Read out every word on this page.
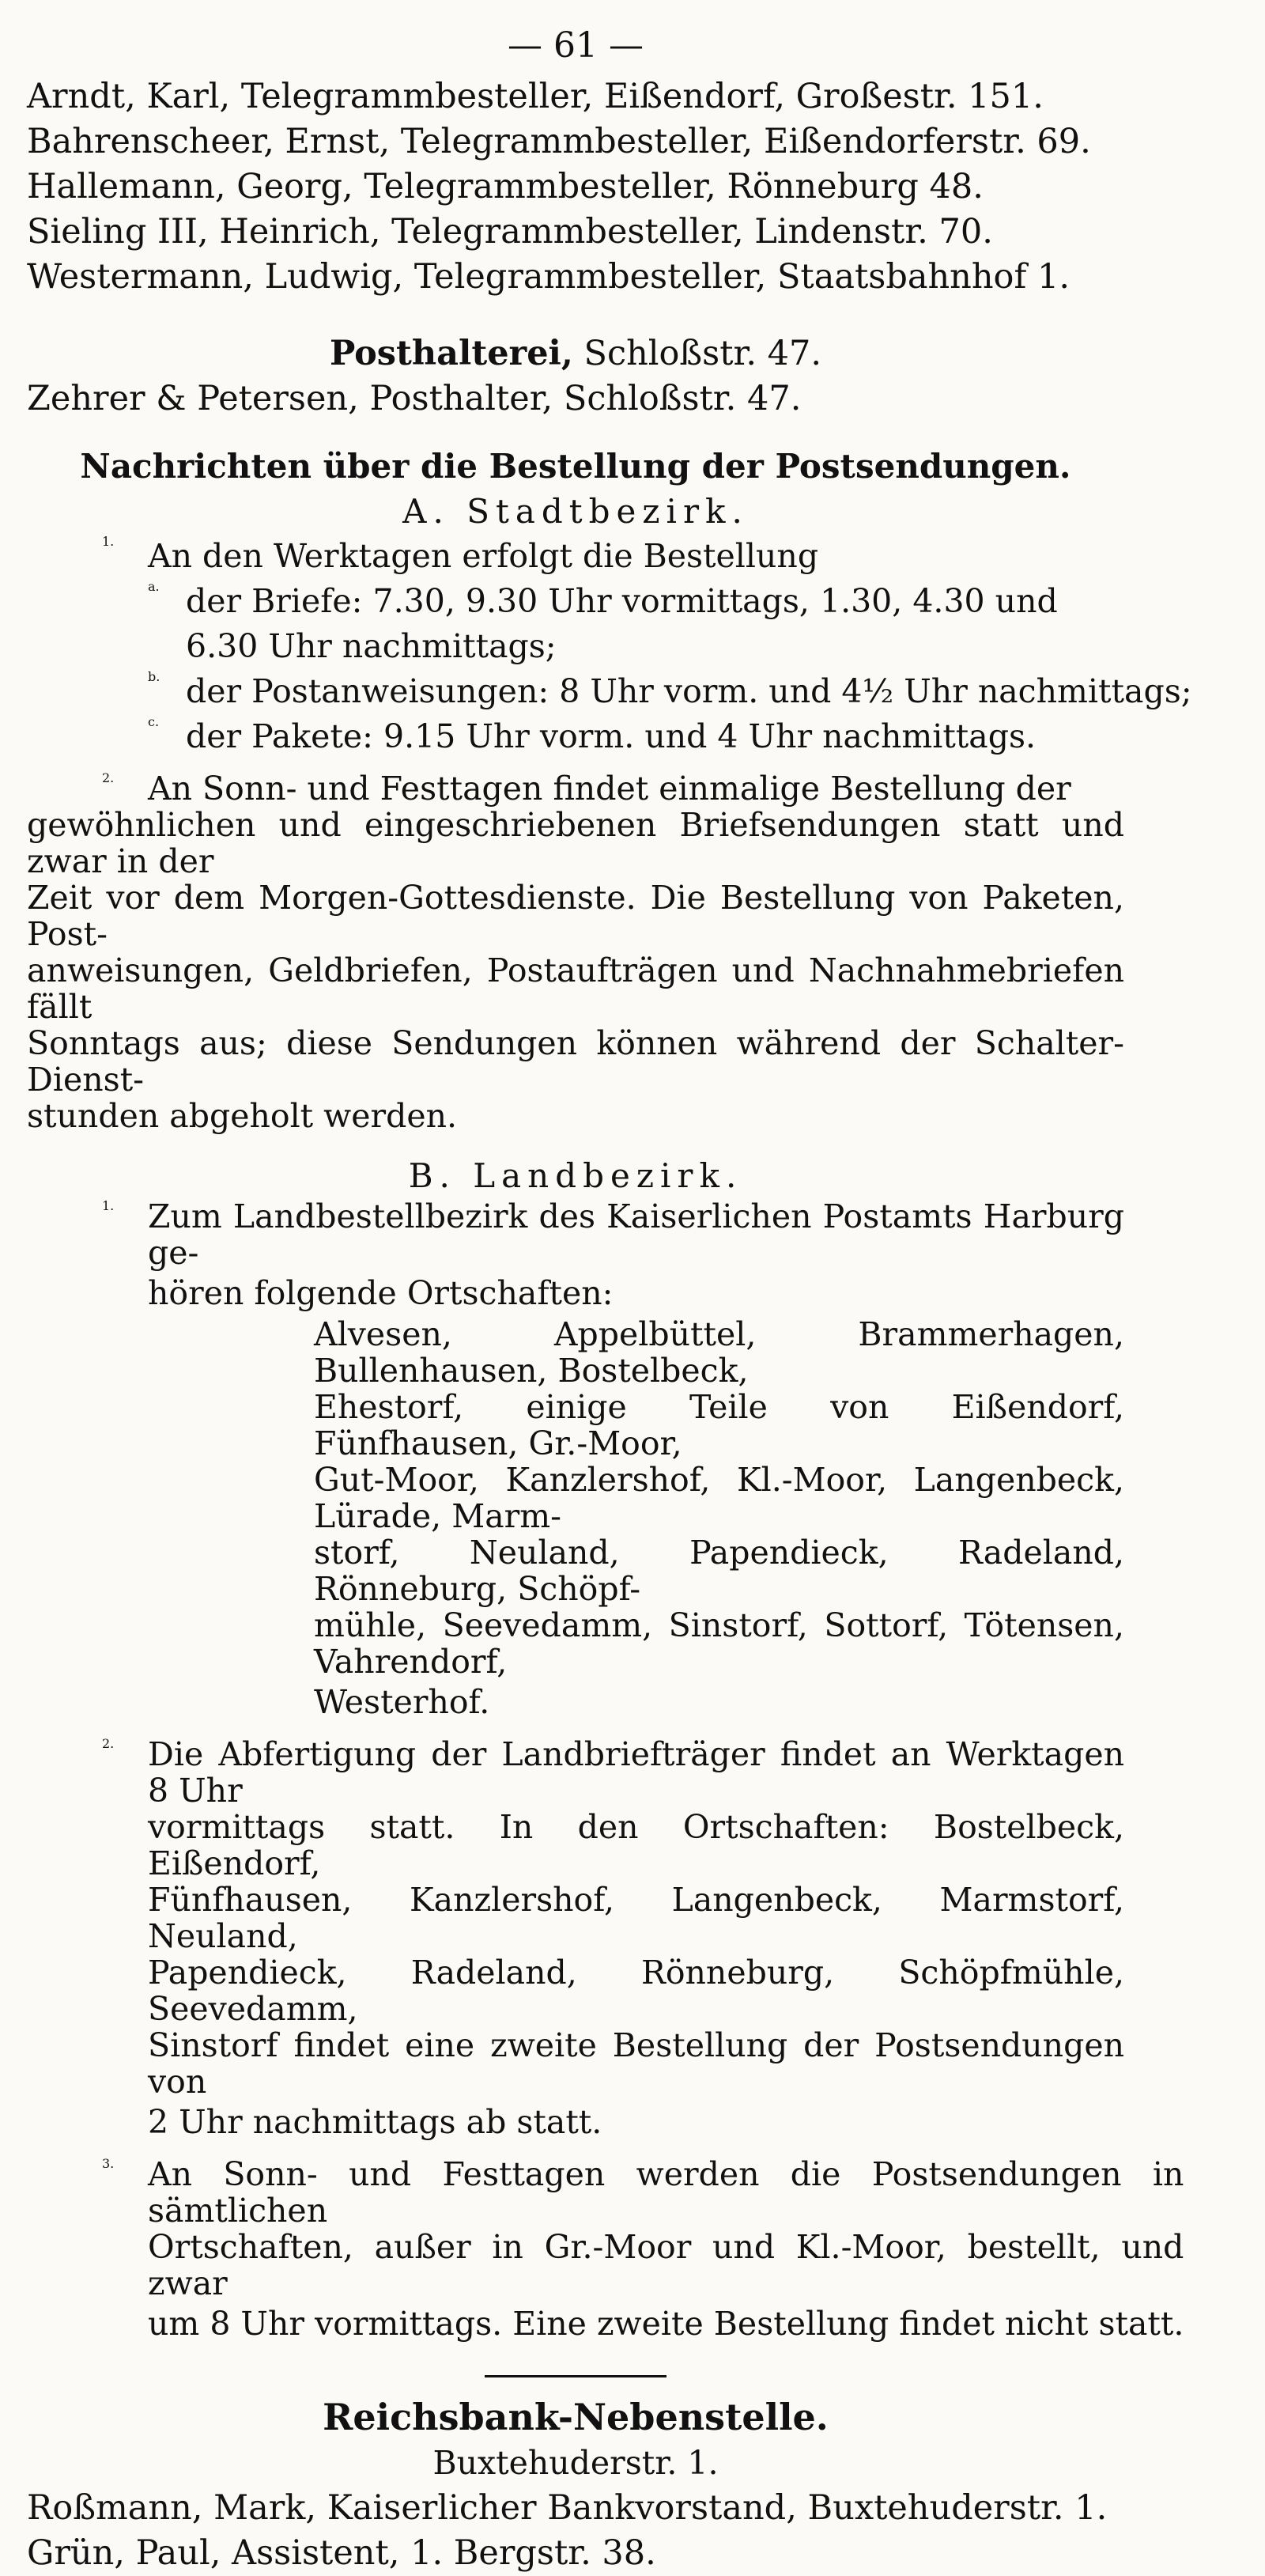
— 61 —
Arndt, Karl, Telegrammbesteller, Eißendorf, Großestr. 151.
Bahrenscheer, Ernst, Telegrammbesteller, Eißendorferstr. 69.
Hallemann, Georg, Telegrammbesteller, Rönneburg 48.
Sieling III, Heinrich, Telegrammbesteller, Lindenstr. 70.
Westermann, Ludwig, Telegrammbesteller, Staatsbahnhof 1.
Posthalterei, Schloßstr. 47.
Zehrer & Petersen, Posthalter, Schloßstr. 47.
Nachrichten über die Bestellung der Postsendungen.
A. Stadtbezirk.
1.	An den Werktagen erfolgt die Bestellung
a. der Briefe: 7.30, 9.30 Uhr vormittags, 1.30, 4.30 und
6.30 Uhr nachmittags;
b. der Postanweisungen: 8 Uhr vorm. und 4½ Uhr nachmittags;
c. der Pakete: 9.15 Uhr vorm. und 4 Uhr nachmittags.
2.	An Sonn- und Festtagen findet einmalige Bestellung der
gewöhnlichen und eingeschriebenen Briefsendungen statt und zwar in der
Zeit vor dem Morgen-Gottesdienste. Die Bestellung von Paketen, Post-
anweisungen, Geldbriefen, Postaufträgen und Nachnahmebriefen fällt
Sonntags aus; diese Sendungen können während der Schalter-Dienst-
stunden abgeholt werden.
B. Landbezirk.
1.	Zum Landbestellbezirk des Kaiserlichen Postamts Harburg ge-
hören folgende Ortschaften:
Alvesen, Appelbüttel, Brammerhagen, Bullenhausen, Bostelbeck,
Ehestorf, einige Teile von Eißendorf, Fünfhausen, Gr.-Moor,
Gut-Moor, Kanzlershof, Kl.-Moor, Langenbeck, Lürade, Marm-
storf, Neuland, Papendieck, Radeland, Rönneburg, Schöpf-
mühle, Seevedamm, Sinstorf, Sottorf, Tötensen, Vahrendorf,
Westerhof.
2.	Die Abfertigung der Landbriefträger findet an Werktagen 8 Uhr
vormittags statt. In den Ortschaften: Bostelbeck, Eißendorf,
Fünfhausen, Kanzlershof, Langenbeck, Marmstorf, Neuland,
Papendieck, Radeland, Rönneburg, Schöpfmühle, Seevedamm,
Sinstorf findet eine zweite Bestellung der Postsendungen von
2 Uhr nachmittags ab statt.
3.	An Sonn- und Festtagen werden die Postsendungen in sämtlichen
Ortschaften, außer in Gr.-Moor und Kl.-Moor, bestellt, und zwar
um 8 Uhr vormittags. Eine zweite Bestellung findet nicht statt.
Reichsbank-Nebenstelle.
Buxtehuderstr. 1.
Roßmann, Mark, Kaiserlicher Bankvorstand, Buxtehuderstr. 1.
Grün, Paul, Assistent, 1. Bergstr. 38.
